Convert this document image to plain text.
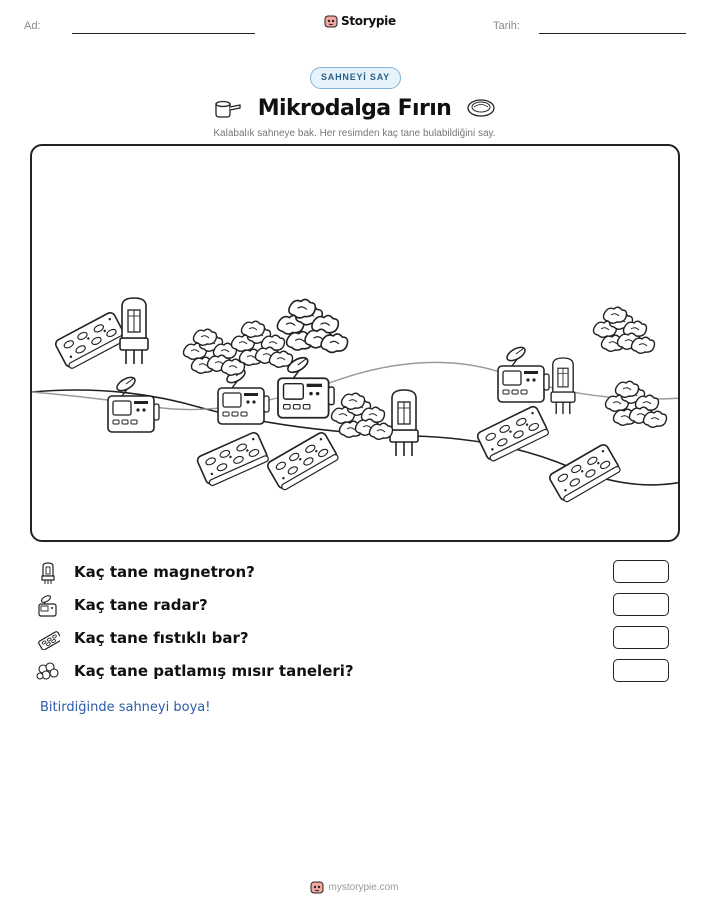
Ad:	Tarih:
Storypie
SAHNEYİ SAY
Mikrodalga Fırın
Kalabalık sahneye bak. Her resimden kaç tane bulabildiğini say.
Kaç tane magnetron?
Kaç tane radar?
Kaç tane fıstıklı bar?
Kaç tane patlamış mısır taneleri?
Bitirdiğinde sahneyi boya!
mystorypie.com
